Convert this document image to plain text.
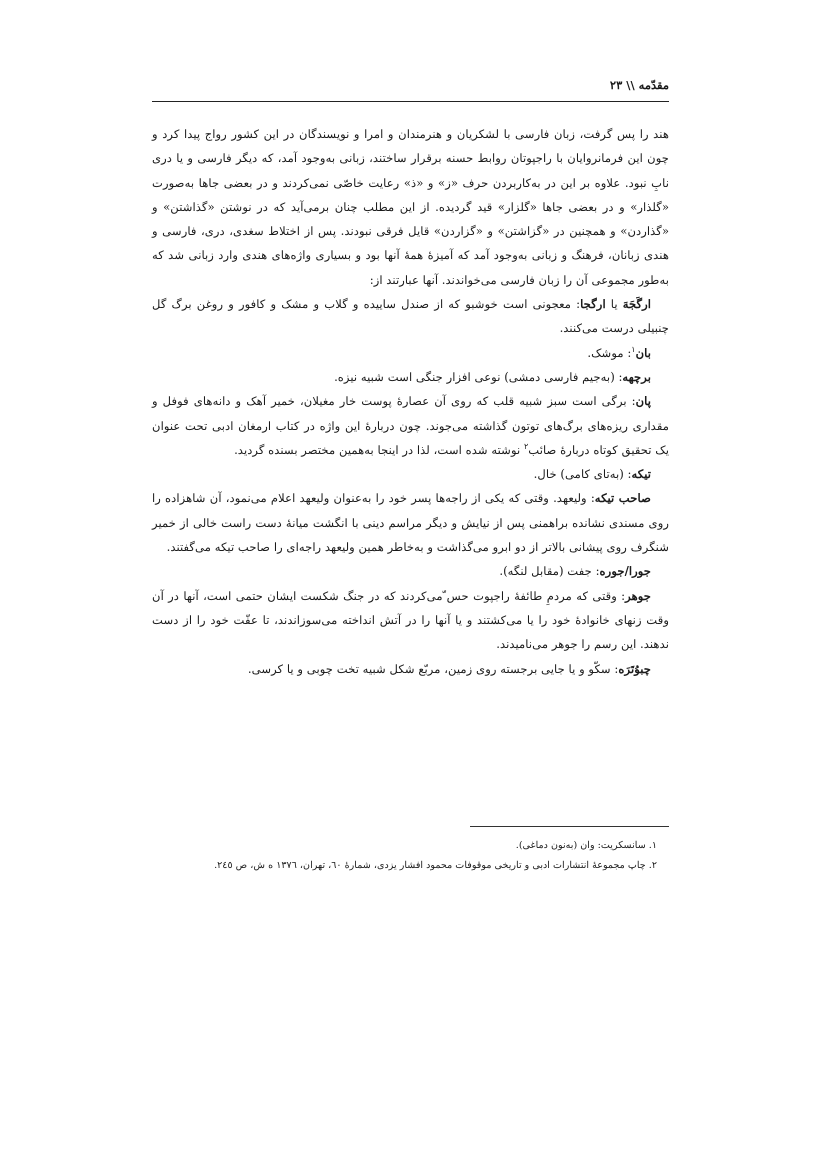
مقدّمه \\ ۲۳

هند را پس گرفت، زبان فارسی با لشکریان و هنرمندان و امرا و نویسندگان در این کشور رواج پیدا کرد و چون این فرمانروایان با راجپوتان روابط حسنه برقرار ساختند، زبانی به‌وجود آمد، که دیگر فارسی و یا دری نابِ نبود. علاوه بر این در به‌کاربردن حرف «ز» و «ذ» رعایت خاصّی نمی‌کردند و در بعضی جاها به‌صورت «گلذار» و در بعضی جاها «گلزار» قید گردیده. از این مطلب چنان برمی‌آید که در نوشتن «گذاشتن» و «گذاردن» و همچنین در «گزاشتن» و «گزاردن» قایل فرقی نبودند. پس از اختلاط سغدی، دری، فارسی و هندی زبانان، فرهنگ و زبانی به‌وجود آمد که آمیزهٔ همهٔ آنها بود و بسیاری واژه‌های هندی وارد زبانی شد که به‌طور مجموعی آن را زبان فارسی می‌خواندند. آنها عبارتند از:

ارگَجَهَ یا ارگجا: معجونی است خوشبو که از صندل ساییده و گلاب و مشک و کافور و روغن برگ گل چنبیلی درست می‌کنند.

بان$^۱$: موشک.

برچهه: (به‌جیم فارسی دمشی) نوعی افزار جنگی است شبیه نیزه.

پان: برگی است سبز شبیه قلب که روی آن عصارهٔ پوست خار مغیلان، خمیر آهک و دانه‌های فوفل و مقداری ریزه‌های برگ‌های توتون گذاشته می‌جوند. چون دربارهٔ این واژه در کتاب ارمغان ادبی تحت عنوان یک تحقیق کوتاه دربارهٔ صائب$^۲$ نوشته شده است، لذا در اینجا به‌همین مختصر بسنده گردید.

تیکه: (به‌تای کامی) خال.

صاحب تیکه: ولیعهد. وقتی که یکی از راجه‌ها پسر خود را به‌عنوان ولیعهد اعلام می‌نمود، آن شاهزاده را روی مسندی نشانده براهمنی پس از نیایش و دیگر مراسم دینی با انگشت میانهٔ دست راست خالی از خمیر شنگرف روی پیشانی بالاتر از دو ابرو می‌گذاشت و به‌خاطر همین ولیعهد راجه‌ای را صاحب تیکه می‌گفتند.

جورا/جوره: جفت (مقابل لنگه).

جوهر: وقتی که مردمِ طائفهٔ راجپوت حس ّمی‌کردند که در جنگ شکست ایشان حتمی است، آنها در آن وقت زنهای خانوادهٔ خود را یا می‌کشتند و یا آنها را در آتش انداخته می‌سوزاندند، تا عفّت خود را از دست ندهند. این رسم را جوهر می‌نامیدند.

چبوُتَرَه: سکّو و یا جایی برجسته روی زمین، مربّع شکل شبیه تخت چوبی و یا کرسی.

۱. سانسکریت: وان (به‌نون دماغی).

۲. چاپ مجموعهٔ انتشارات ادبی و تاریخی موقوفات محمود افشار یزدی، شمارهٔ ٦٠، تهران، ١٣٧٦ ه ش، ص ٢٤٥.
